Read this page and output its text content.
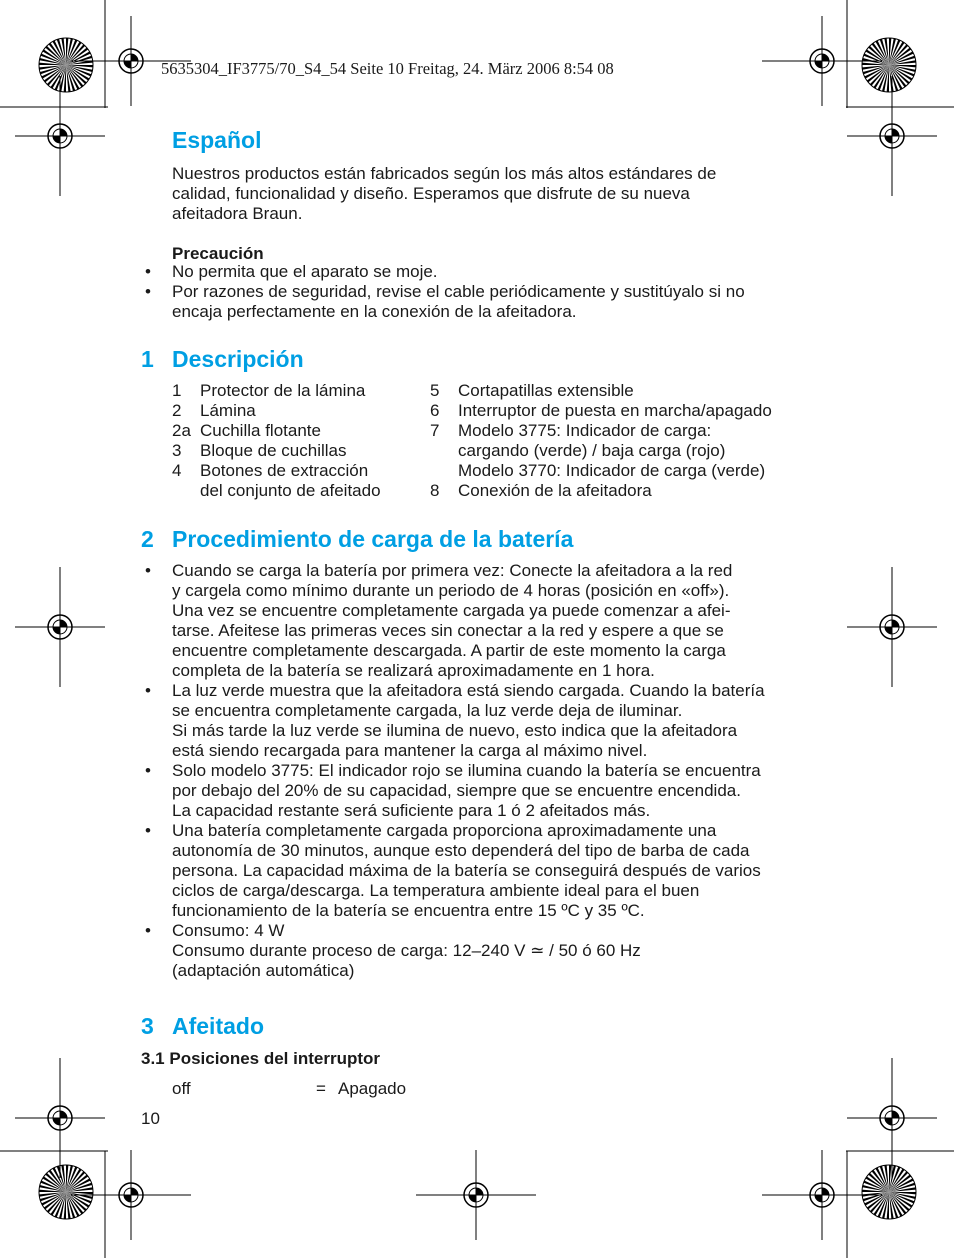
5635304_IF3775/70_S4_54 Seite 10 Freitag, 24. März 2006 8:54 08
Español
Nuestros productos están fabricados según los más altos estándares de
calidad, funcionalidad y diseño. Esperamos que disfrute de su nueva
afeitadora Braun.
Precaución
• No permita que el aparato se moje.
• Por razones de seguridad, revise el cable periódicamente y sustitúyalo si no
encaja perfectamente en la conexión de la afeitadora.
1 Descripción
1 Protector de la lámina
2 Lámina
2a Cuchilla flotante
3 Bloque de cuchillas
4 Botones de extracción
del conjunto de afeitado
5 Cortapatillas extensible
6 Interruptor de puesta en marcha/apagado
7 Modelo 3775: Indicador de carga:
cargando (verde) / baja carga (rojo)
Modelo 3770: Indicador de carga (verde)
8 Conexión de la afeitadora
2 Procedimiento de carga de la batería
• Cuando se carga la batería por primera vez: Conecte la afeitadora a la red
y cargela como mínimo durante un periodo de 4 horas (posición en «off»).
Una vez se encuentre completamente cargada ya puede comenzar a afei-
tarse. Afeitese las primeras veces sin conectar a la red y espere a que se
encuentre completamente descargada. A partir de este momento la carga
completa de la batería se realizará aproximadamente en 1 hora.
• La luz verde muestra que la afeitadora está siendo cargada. Cuando la batería
se encuentra completamente cargada, la luz verde deja de iluminar.
Si más tarde la luz verde se ilumina de nuevo, esto indica que la afeitadora
está siendo recargada para mantener la carga al máximo nivel.
• Solo modelo 3775: El indicador rojo se ilumina cuando la batería se encuentra
por debajo del 20% de su capacidad, siempre que se encuentre encendida.
La capacidad restante será suficiente para 1 ó 2 afeitados más.
• Una batería completamente cargada proporciona aproximadamente una
autonomía de 30 minutos, aunque esto dependerá del tipo de barba de cada
persona. La capacidad máxima de la batería se conseguirá después de varios
ciclos de carga/descarga. La temperatura ambiente ideal para el buen
funcionamiento de la batería se encuentra entre 15 ºC y 35 ºC.
• Consumo: 4 W
Consumo durante proceso de carga: 12–240 V ≃ / 50 ó 60 Hz
(adaptación automática)
3 Afeitado
3.1 Posiciones del interruptor
off	= Apagado
10
